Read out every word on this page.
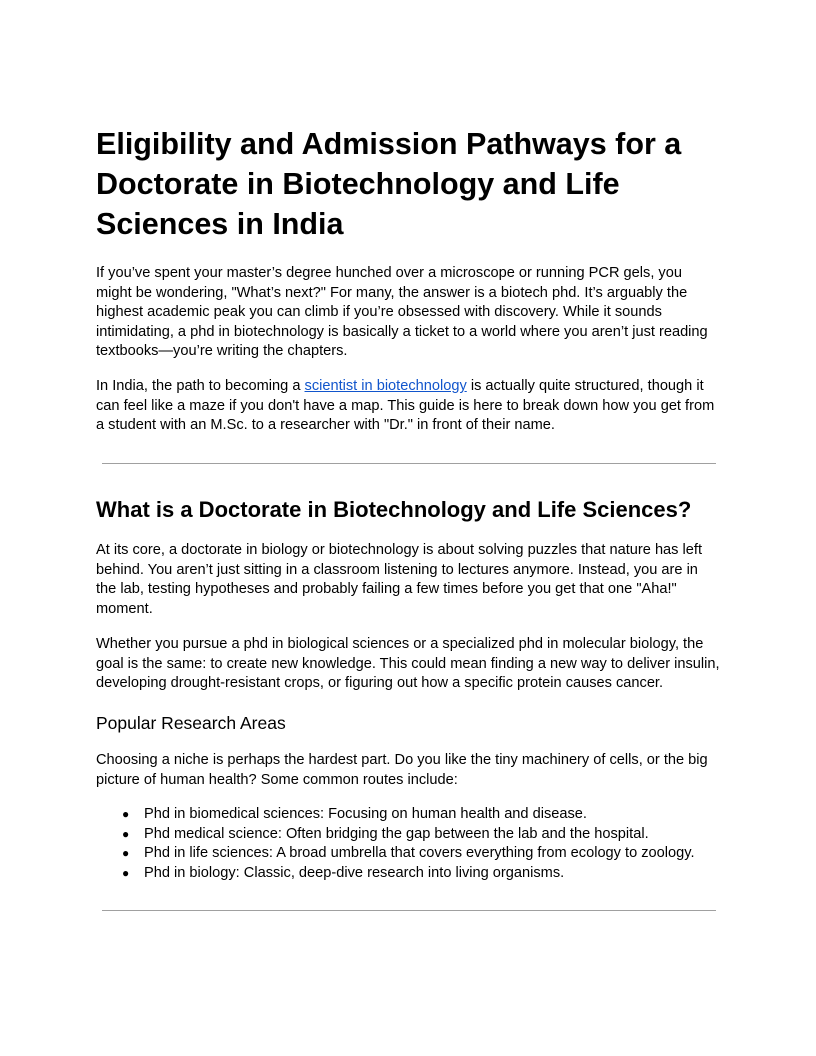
Eligibility and Admission Pathways for a Doctorate in Biotechnology and Life Sciences in India

If you’ve spent your master’s degree hunched over a microscope or running PCR gels, you might be wondering, "What’s next?" For many, the answer is a biotech phd. It’s arguably the highest academic peak you can climb if you’re obsessed with discovery. While it sounds intimidating, a phd in biotechnology is basically a ticket to a world where you aren’t just reading textbooks—you’re writing the chapters.

In India, the path to becoming a scientist in biotechnology is actually quite structured, though it can feel like a maze if you don't have a map. This guide is here to break down how you get from a student with an M.Sc. to a researcher with "Dr." in front of their name.

What is a Doctorate in Biotechnology and Life Sciences?

At its core, a doctorate in biology or biotechnology is about solving puzzles that nature has left behind. You aren’t just sitting in a classroom listening to lectures anymore. Instead, you are in the lab, testing hypotheses and probably failing a few times before you get that one "Aha!" moment.

Whether you pursue a phd in biological sciences or a specialized phd in molecular biology, the goal is the same: to create new knowledge. This could mean finding a new way to deliver insulin, developing drought-resistant crops, or figuring out how a specific protein causes cancer.

Popular Research Areas

Choosing a niche is perhaps the hardest part. Do you like the tiny machinery of cells, or the big picture of human health? Some common routes include:

● Phd in biomedical sciences: Focusing on human health and disease.
● Phd medical science: Often bridging the gap between the lab and the hospital.
● Phd in life sciences: A broad umbrella that covers everything from ecology to zoology.
● Phd in biology: Classic, deep-dive research into living organisms.
